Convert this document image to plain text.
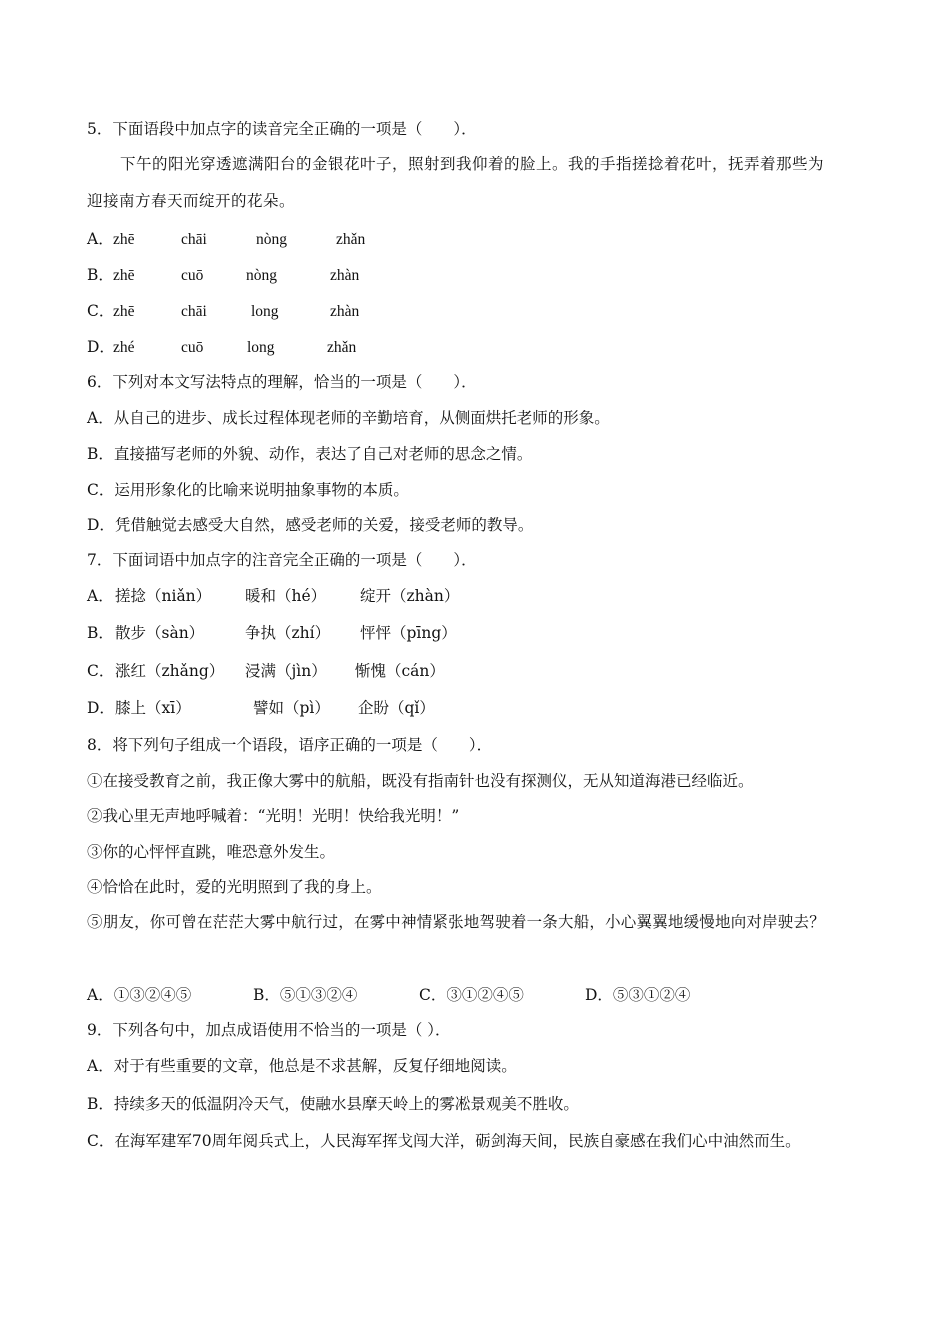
5．下面语段中加点字的读音完全正确的一项是（　　）．
下午的阳光穿透遮满阳台的金银花叶子，照射到我仰着的脸上。我的手指搓捻着花叶，抚弄着那些为
迎接南方春天而绽开的花朵。
A．zhē	chāi	nòng	zhǎn
B．zhē	cuō	nòng	zhàn
C．zhē	chāi	long	zhàn
D．zhé	cuō	long	zhǎn
6．下列对本文写法特点的理解，恰当的一项是（　　）．
A．从自己的进步、成长过程体现老师的辛勤培育，从侧面烘托老师的形象。
B．直接描写老师的外貌、动作，表达了自己对老师的思念之情。
C．运用形象化的比喻来说明抽象事物的本质。
D．凭借触觉去感受大自然，感受老师的关爱，接受老师的教导。
7．下面词语中加点字的注音完全正确的一项是（　　）．
A．搓捻（niǎn） 暖和（hé） 绽开（zhàn）
B．散步（sàn）	争执（zhí） 怦怦（pīng）
C．涨红（zhǎng） 浸满（jìn） 惭愧（cán）
D．膝上（xī）	譬如（pì） 企盼（qǐ）
8．将下列句子组成一个语段，语序正确的一项是（　　）．
①在接受教育之前，我正像大雾中的航船，既没有指南针也没有探测仪，无从知道海港已经临近。
②我心里无声地呼喊着：“光明！光明！快给我光明！”
③你的心怦怦直跳，唯恐意外发生。
④恰恰在此时，爱的光明照到了我的身上。
⑤朋友，你可曾在茫茫大雾中航行过，在雾中神情紧张地驾驶着一条大船，小心翼翼地缓慢地向对岸驶去？
A．①③②④⑤	B．⑤①③②④	C．③①②④⑤	D．⑤③①②④
9．下列各句中，加点成语使用不恰当的一项是（ ）．
A．对于有些重要的文章，他总是不求甚解，反复仔细地阅读。
B．持续多天的低温阴冷天气，使融水县摩天岭上的雾凇景观美不胜收。
C．在海军建军70周年阅兵式上，人民海军挥戈闯大洋，砺剑海天间，民族自豪感在我们心中油然而生。
